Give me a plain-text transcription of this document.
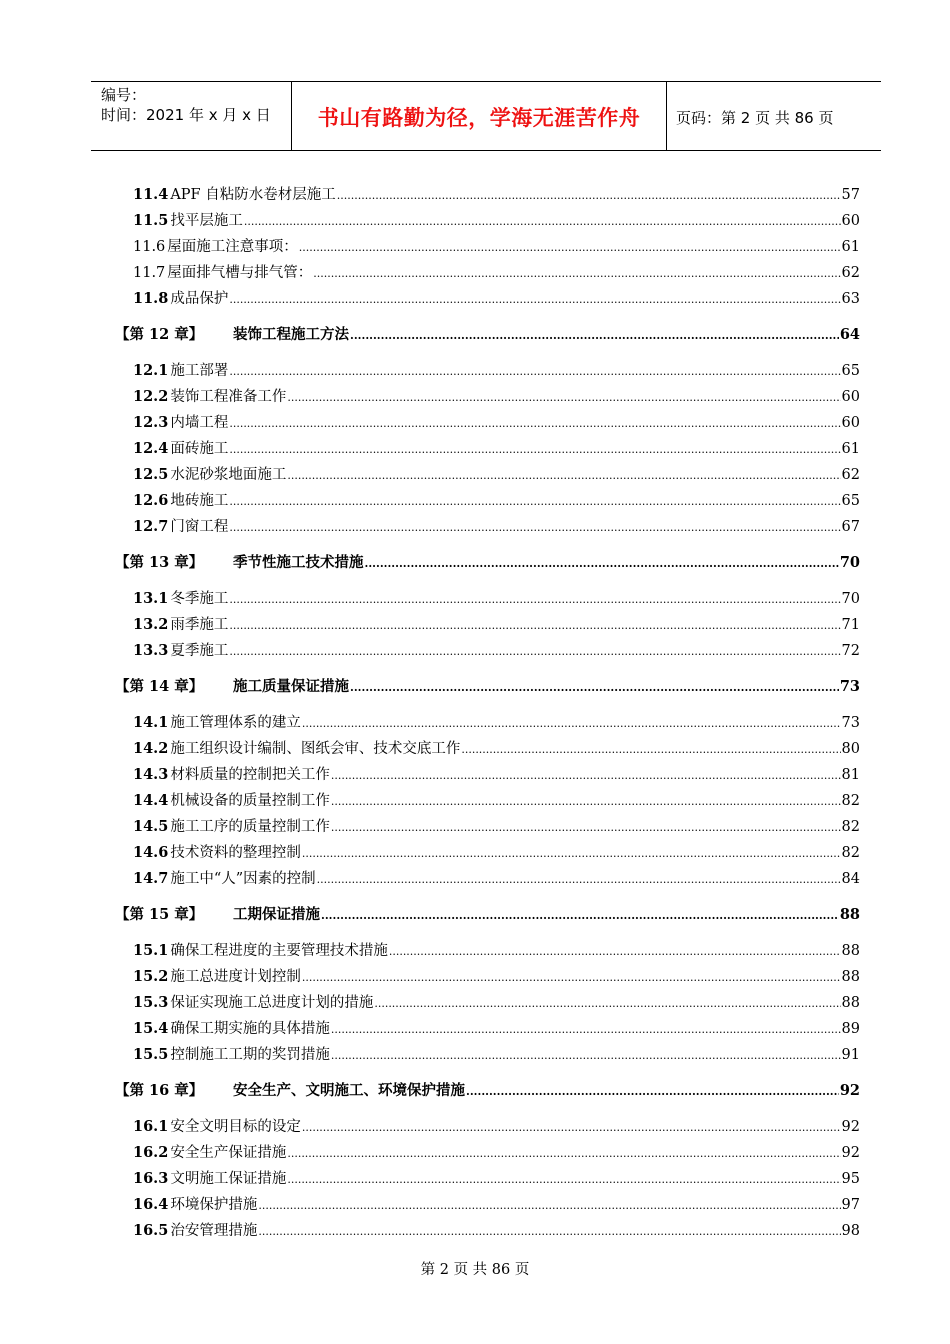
编号：
时间：2021 年 x 月 x 日	书山有路勤为径，学海无涯苦作舟	页码：第 2 页 共 86 页
11.4 APF 自粘防水卷材层施工 .....	57
11.5 找平层施工 .....	60
11.6 屋面施工注意事项： .....	61
11.7 屋面排气槽与排气管： .....	62
11.8 成品保护 .....	63
【第 12 章】	装饰工程施工方法 .....	64
12.1 施工部署 .....	65
12.2 装饰工程准备工作 .....	60
12.3 内墙工程 .....	60
12.4 面砖施工 .....	61
12.5 水泥砂浆地面施工 .....	62
12.6 地砖施工 .....	65
12.7 门窗工程 .....	67
【第 13 章】	季节性施工技术措施 .....	70
13.1 冬季施工 .....	70
13.2 雨季施工 .....	71
13.3 夏季施工 .....	72
【第 14 章】	施工质量保证措施 .....	73
14.1 施工管理体系的建立 .....	73
14.2 施工组织设计编制、图纸会审、技术交底工作 .....	80
14.3 材料质量的控制把关工作 .....	81
14.4 机械设备的质量控制工作 .....	82
14.5 施工工序的质量控制工作 .....	82
14.6 技术资料的整理控制 .....	82
14.7 施工中“人”因素的控制 .....	84
【第 15 章】	工期保证措施 .....	88
15.1 确保工程进度的主要管理技术措施 .....	88
15.2 施工总进度计划控制 .....	88
15.3 保证实现施工总进度计划的措施 .....	88
15.4 确保工期实施的具体措施 .....	89
15.5 控制施工工期的奖罚措施 .....	91
【第 16 章】	安全生产、文明施工、环境保护措施 .....	92
16.1 安全文明目标的设定 .....	92
16.2 安全生产保证措施 .....	92
16.3 文明施工保证措施 .....	95
16.4 环境保护措施 .....	97
16.5 治安管理措施 .....	98
第 2 页 共 86 页
